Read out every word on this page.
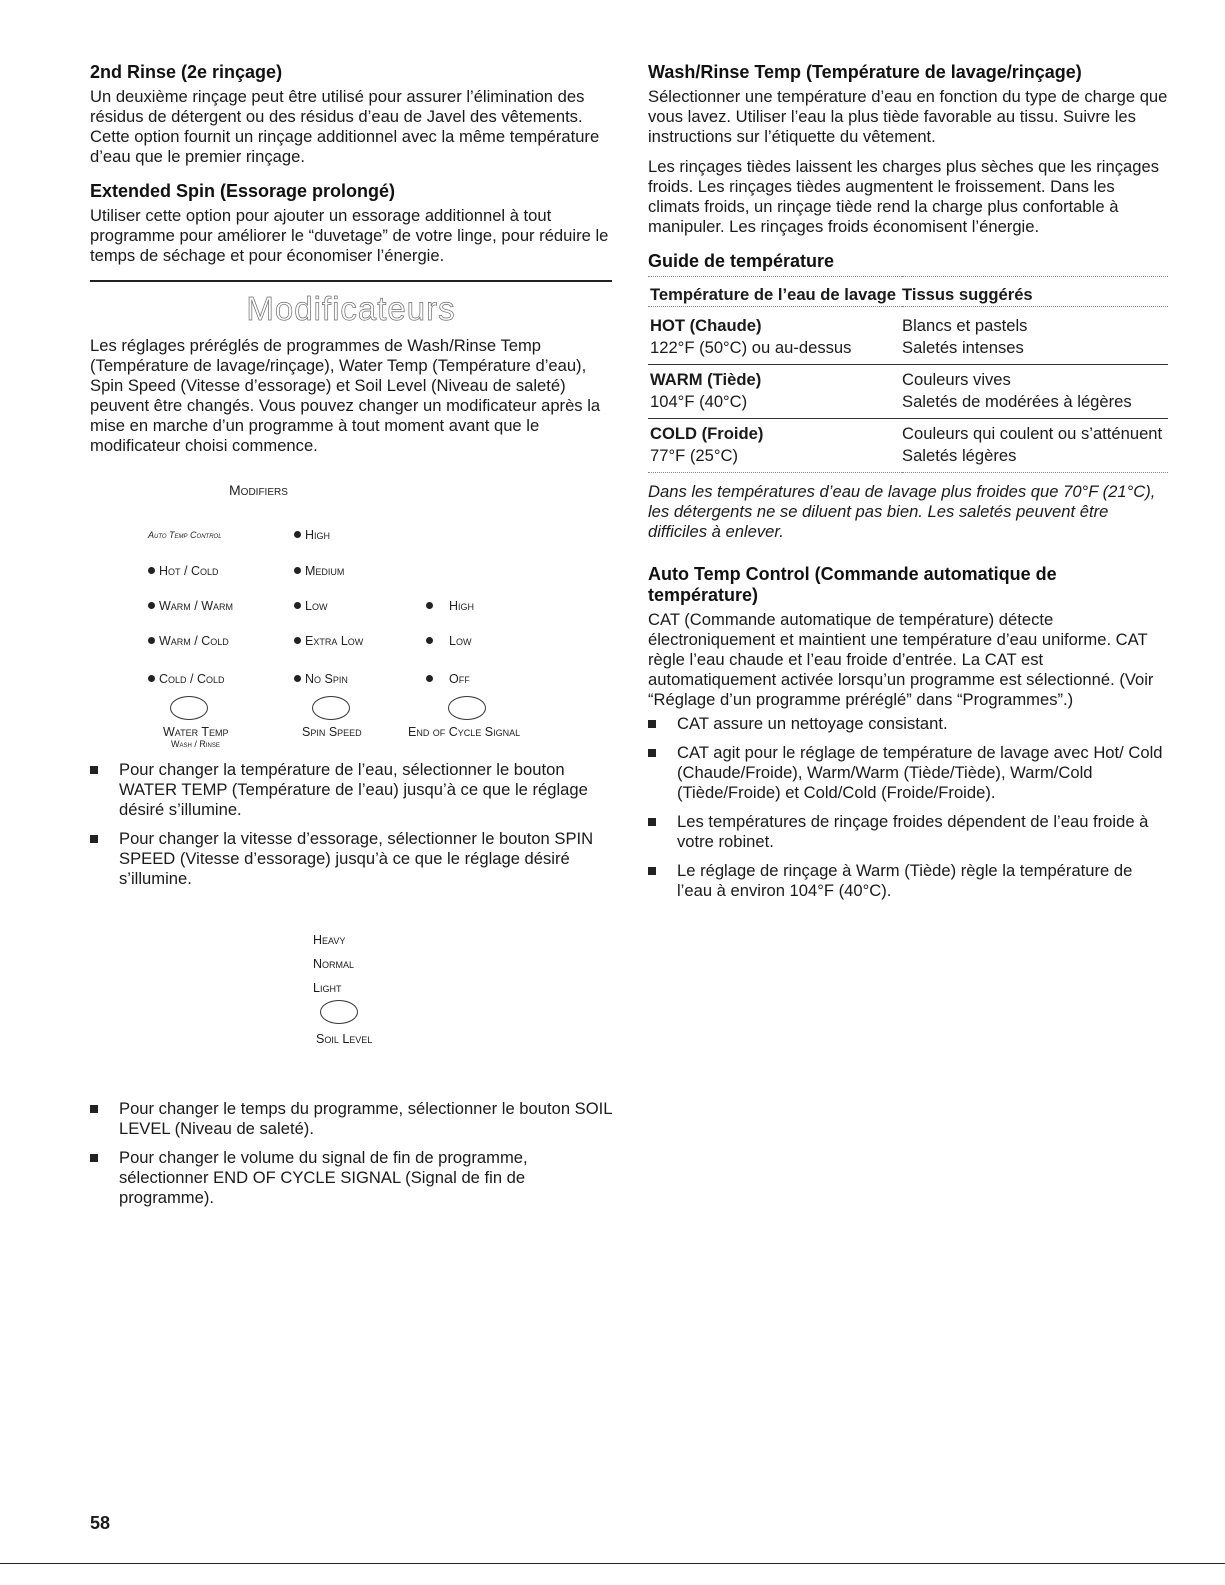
2nd Rinse (2e rinçage)

Un deuxième rinçage peut être utilisé pour assurer l’élimination des résidus de détergent ou des résidus d’eau de Javel des vêtements. Cette option fournit un rinçage additionnel avec la même température d’eau que le premier rinçage.

Extended Spin (Essorage prolongé)

Utiliser cette option pour ajouter un essorage additionnel à tout programme pour améliorer le “duvetage” de votre linge, pour réduire le temps de séchage et pour économiser l’énergie.

Modificateurs

Les réglages préréglés de programmes de Wash/Rinse Temp (Température de lavage/rinçage), Water Temp (Température d’eau), Spin Speed (Vitesse d’essorage) et Soil Level (Niveau de saleté) peuvent être changés. Vous pouvez changer un modificateur après la mise en marche d’un programme à tout moment avant que le modificateur choisi commence.

Modifiers
Auto Temp Control
Hot / Cold
Warm / Warm
Warm / Cold
Cold / Cold
High
Medium
Low
Extra Low
No Spin
High
Low
Off
Water Temp
Wash / Rinse
Spin Speed	End of Cycle Signal
Pour changer la température de l’eau, sélectionner le bouton WATER TEMP (Température de l’eau) jusqu’à ce que le réglage désiré s’illumine.
Pour changer la vitesse d’essorage, sélectionner le bouton SPIN SPEED (Vitesse d’essorage) jusqu’à ce que le réglage désiré s’illumine.
Heavy
Normal
Light
Soil Level
Pour changer le temps du programme, sélectionner le bouton SOIL LEVEL (Niveau de saleté).
Pour changer le volume du signal de fin de programme, sélectionner END OF CYCLE SIGNAL (Signal de fin de programme).
Wash/Rinse Temp (Température de lavage/rinçage)

Sélectionner une température d’eau en fonction du type de charge que vous lavez. Utiliser l’eau la plus tiède favorable au tissu. Suivre les instructions sur l’étiquette du vêtement.

Les rinçages tièdes laissent les charges plus sèches que les rinçages froids. Les rinçages tièdes augmentent le froissement. Dans les climats froids, un rinçage tiède rend la charge plus confortable à manipuler. Les rinçages froids économisent l’énergie.

Guide de température

Température de l’eau de lavage	Tissus suggérés

HOT (Chaude)	Blancs et pastels
122°F (50°C) ou au-dessus	Saletés intenses
WARM (Tiède)	Couleurs vives
104°F (40°C)	Saletés de modérées à légères
COLD (Froide)	Couleurs qui coulent ou s’atténuent
77°F (25°C)	Saletés légères

Dans les températures d’eau de lavage plus froides que 70°F (21°C), les détergents ne se diluent pas bien. Les saletés peuvent être difficiles à enlever.

Auto Temp Control (Commande automatique de température)

CAT (Commande automatique de température) détecte électroniquement et maintient une température d’eau uniforme. CAT règle l’eau chaude et l’eau froide d’entrée. La CAT est automatiquement activée lorsqu’un programme est sélectionné. (Voir “Réglage d’un programme préréglé” dans “Programmes”.)

CAT assure un nettoyage consistant.
CAT agit pour le réglage de température de lavage avec Hot/ Cold (Chaude/Froide), Warm/Warm (Tiède/Tiède), Warm/Cold (Tiède/Froide) et Cold/Cold (Froide/Froide).
Les températures de rinçage froides dépendent de l’eau froide à votre robinet.
Le réglage de rinçage à Warm (Tiède) règle la température de l’eau à environ 104°F (40°C).
58
